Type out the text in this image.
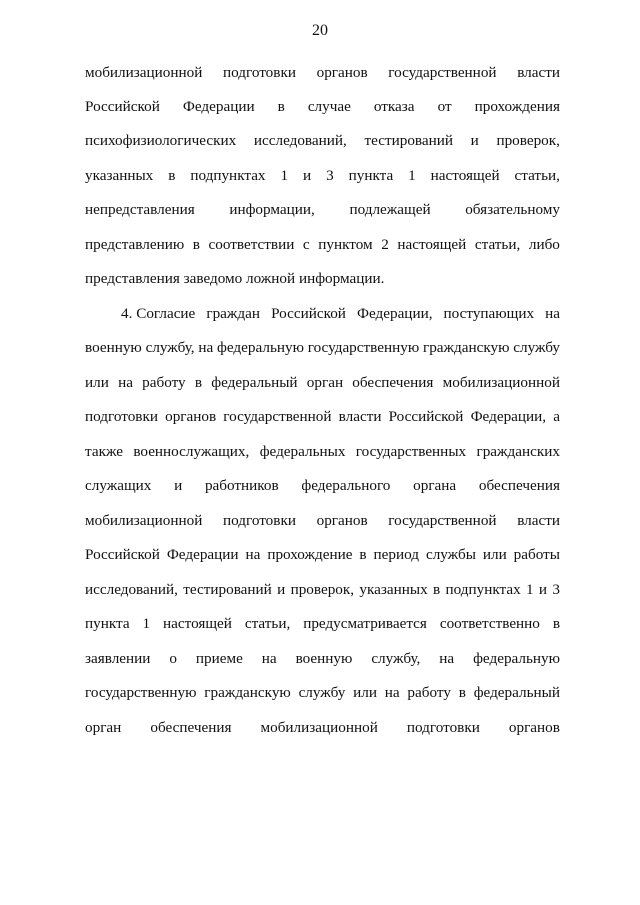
20
мобилизационной подготовки органов государственной власти
Российской Федерации в случае отказа от прохождения
психофизиологических исследований, тестирований и проверок,
указанных в подпунктах 1 и 3 пункта 1 настоящей статьи,
непредставления информации, подлежащей обязательному
представлению в соответствии с пунктом 2 настоящей статьи, либо
представления заведомо ложной информации.
4. Согласие граждан Российской Федерации, поступающих на
военную службу, на федеральную государственную гражданскую службу
или на работу в федеральный орган обеспечения мобилизационной
подготовки органов государственной власти Российской Федерации, а
также военнослужащих, федеральных государственных гражданских
служащих и работников федерального органа обеспечения
мобилизационной подготовки органов государственной власти
Российской Федерации на прохождение в период службы или работы
исследований, тестирований и проверок, указанных в подпунктах 1 и 3
пункта 1 настоящей статьи, предусматривается соответственно в
заявлении о приеме на военную службу, на федеральную
государственную гражданскую службу или на работу в федеральный
орган обеспечения мобилизационной подготовки органов
